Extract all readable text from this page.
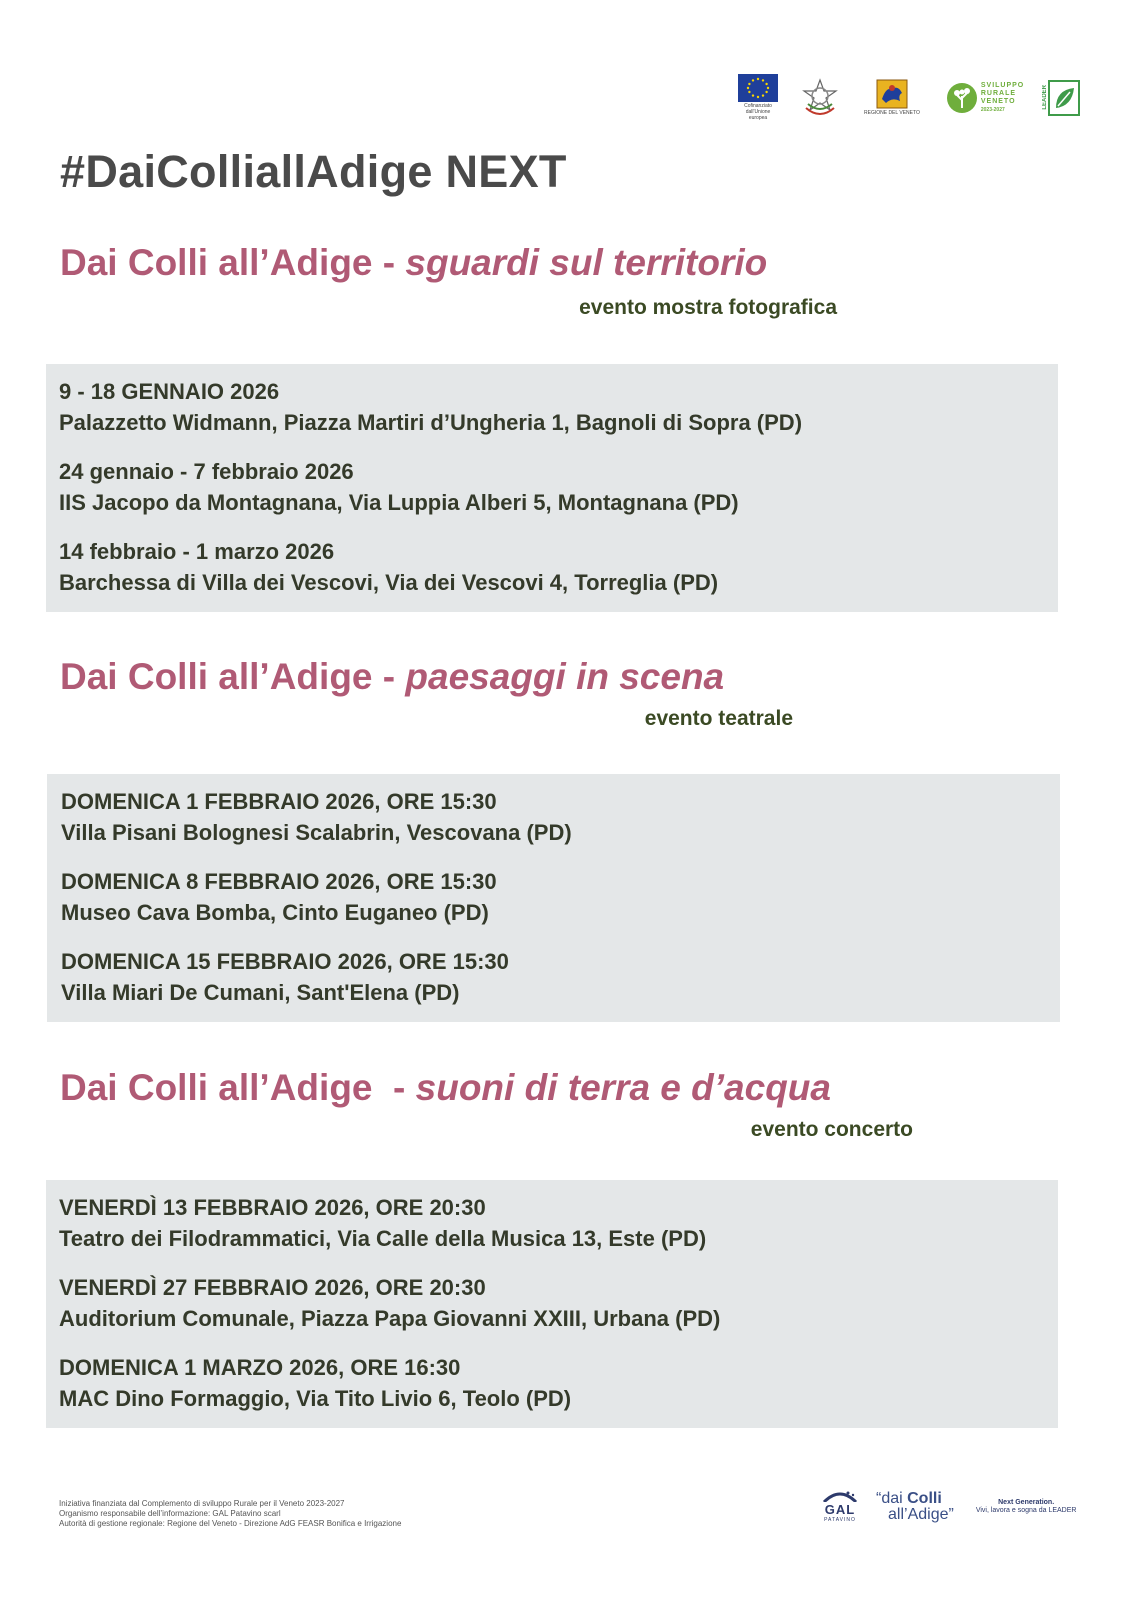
Cofinanziato dall'Unione europea
REGIONE DEL VENETO
SVILUPPO
RURALE
VENETO
2023-2027	LEADER
#DaiColliallAdige NEXT
Dai Colli all’Adige - sguardi sul territorio

evento mostra fotografica

9 - 18 GENNAIO 2026
Palazzetto Widmann, Piazza Martiri d’Ungheria 1, Bagnoli di Sopra (PD)
24 gennaio - 7 febbraio 2026
IIS Jacopo da Montagnana, Via Luppia Alberi 5, Montagnana (PD)
14 febbraio - 1 marzo 2026
Barchessa di Villa dei Vescovi, Via dei Vescovi 4, Torreglia (PD)
Dai Colli all’Adige - paesaggi in scena

evento teatrale

DOMENICA 1 FEBBRAIO 2026, ORE 15:30
Villa Pisani Bolognesi Scalabrin, Vescovana (PD)
DOMENICA 8 FEBBRAIO 2026, ORE 15:30
Museo Cava Bomba, Cinto Euganeo (PD)
DOMENICA 15 FEBBRAIO 2026, ORE 15:30
Villa Miari De Cumani, Sant'Elena (PD)
Dai Colli all’Adige  - suoni di terra e d’acqua

evento concerto

VENERDÌ 13 FEBBRAIO 2026, ORE 20:30
Teatro dei Filodrammatici, Via Calle della Musica 13, Este (PD)
VENERDÌ 27 FEBBRAIO 2026, ORE 20:30
Auditorium Comunale, Piazza Papa Giovanni XXIII, Urbana (PD)
DOMENICA 1 MARZO 2026, ORE 16:30
MAC Dino Formaggio, Via Tito Livio 6, Teolo (PD)
Iniziativa finanziata dal Complemento di sviluppo Rurale per il Veneto 2023-2027
Organismo responsabile dell’informazione: GAL Patavino scarl
Autorità di gestione regionale: Regione del Veneto - Direzione AdG FEASR Bonifica e Irrigazione
GAL
PATAVINO
“dai Colli
all’Adige”
Next Generation.
Vivi, lavora e sogna da LEADER
